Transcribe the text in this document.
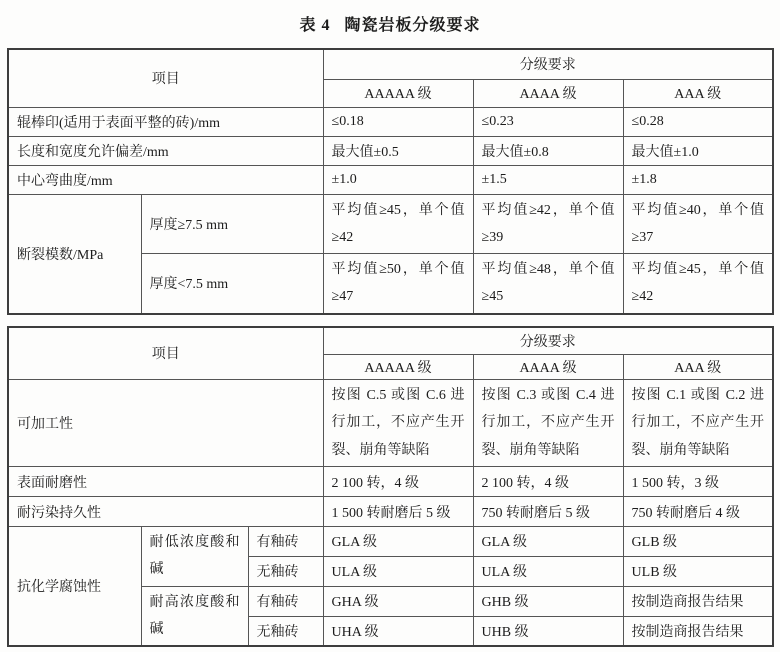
表 4 陶瓷岩板分级要求
项目		分级要求		
		AAAAA 级	AAAA 级	AAA 级
辊棒印(适用于表面平整的砖)/mm		≤0.18	≤0.23	≤0.28
长度和宽度允许偏差/mm		最大值±0.5	最大值±0.8	最大值±1.0
中心弯曲度/mm		±1.0	±1.5	±1.8
断裂模数/MPa	厚度≥7.5 mm	平均值≥45，单个值≥42	平均值≥42，单个值≥39	平均值≥40，单个值≥37
	厚度<7.5 mm	平均值≥50，单个值≥47	平均值≥48，单个值≥45	平均值≥45，单个值≥42
项目			分级要求		
			AAAAA 级	AAAA 级	AAA 级
可加工性			按图 C.5 或图 C.6 进行加工，不应产生开裂、崩角等缺陷	按图 C.3 或图 C.4 进行加工，不应产生开裂、崩角等缺陷	按图 C.1 或图 C.2 进行加工，不应产生开裂、崩角等缺陷
表面耐磨性			2 100 转，4 级	2 100 转，4 级	1 500 转，3 级
耐污染持久性			1 500 转耐磨后 5 级	750 转耐磨后 5 级	750 转耐磨后 4 级
抗化学腐蚀性	耐低浓度酸和碱	有釉砖	GLA 级	GLA 级	GLB 级
		无釉砖	ULA 级	ULA 级	ULB 级
	耐高浓度酸和碱	有釉砖	GHA 级	GHB 级	按制造商报告结果
		无釉砖	UHA 级	UHB 级	按制造商报告结果
